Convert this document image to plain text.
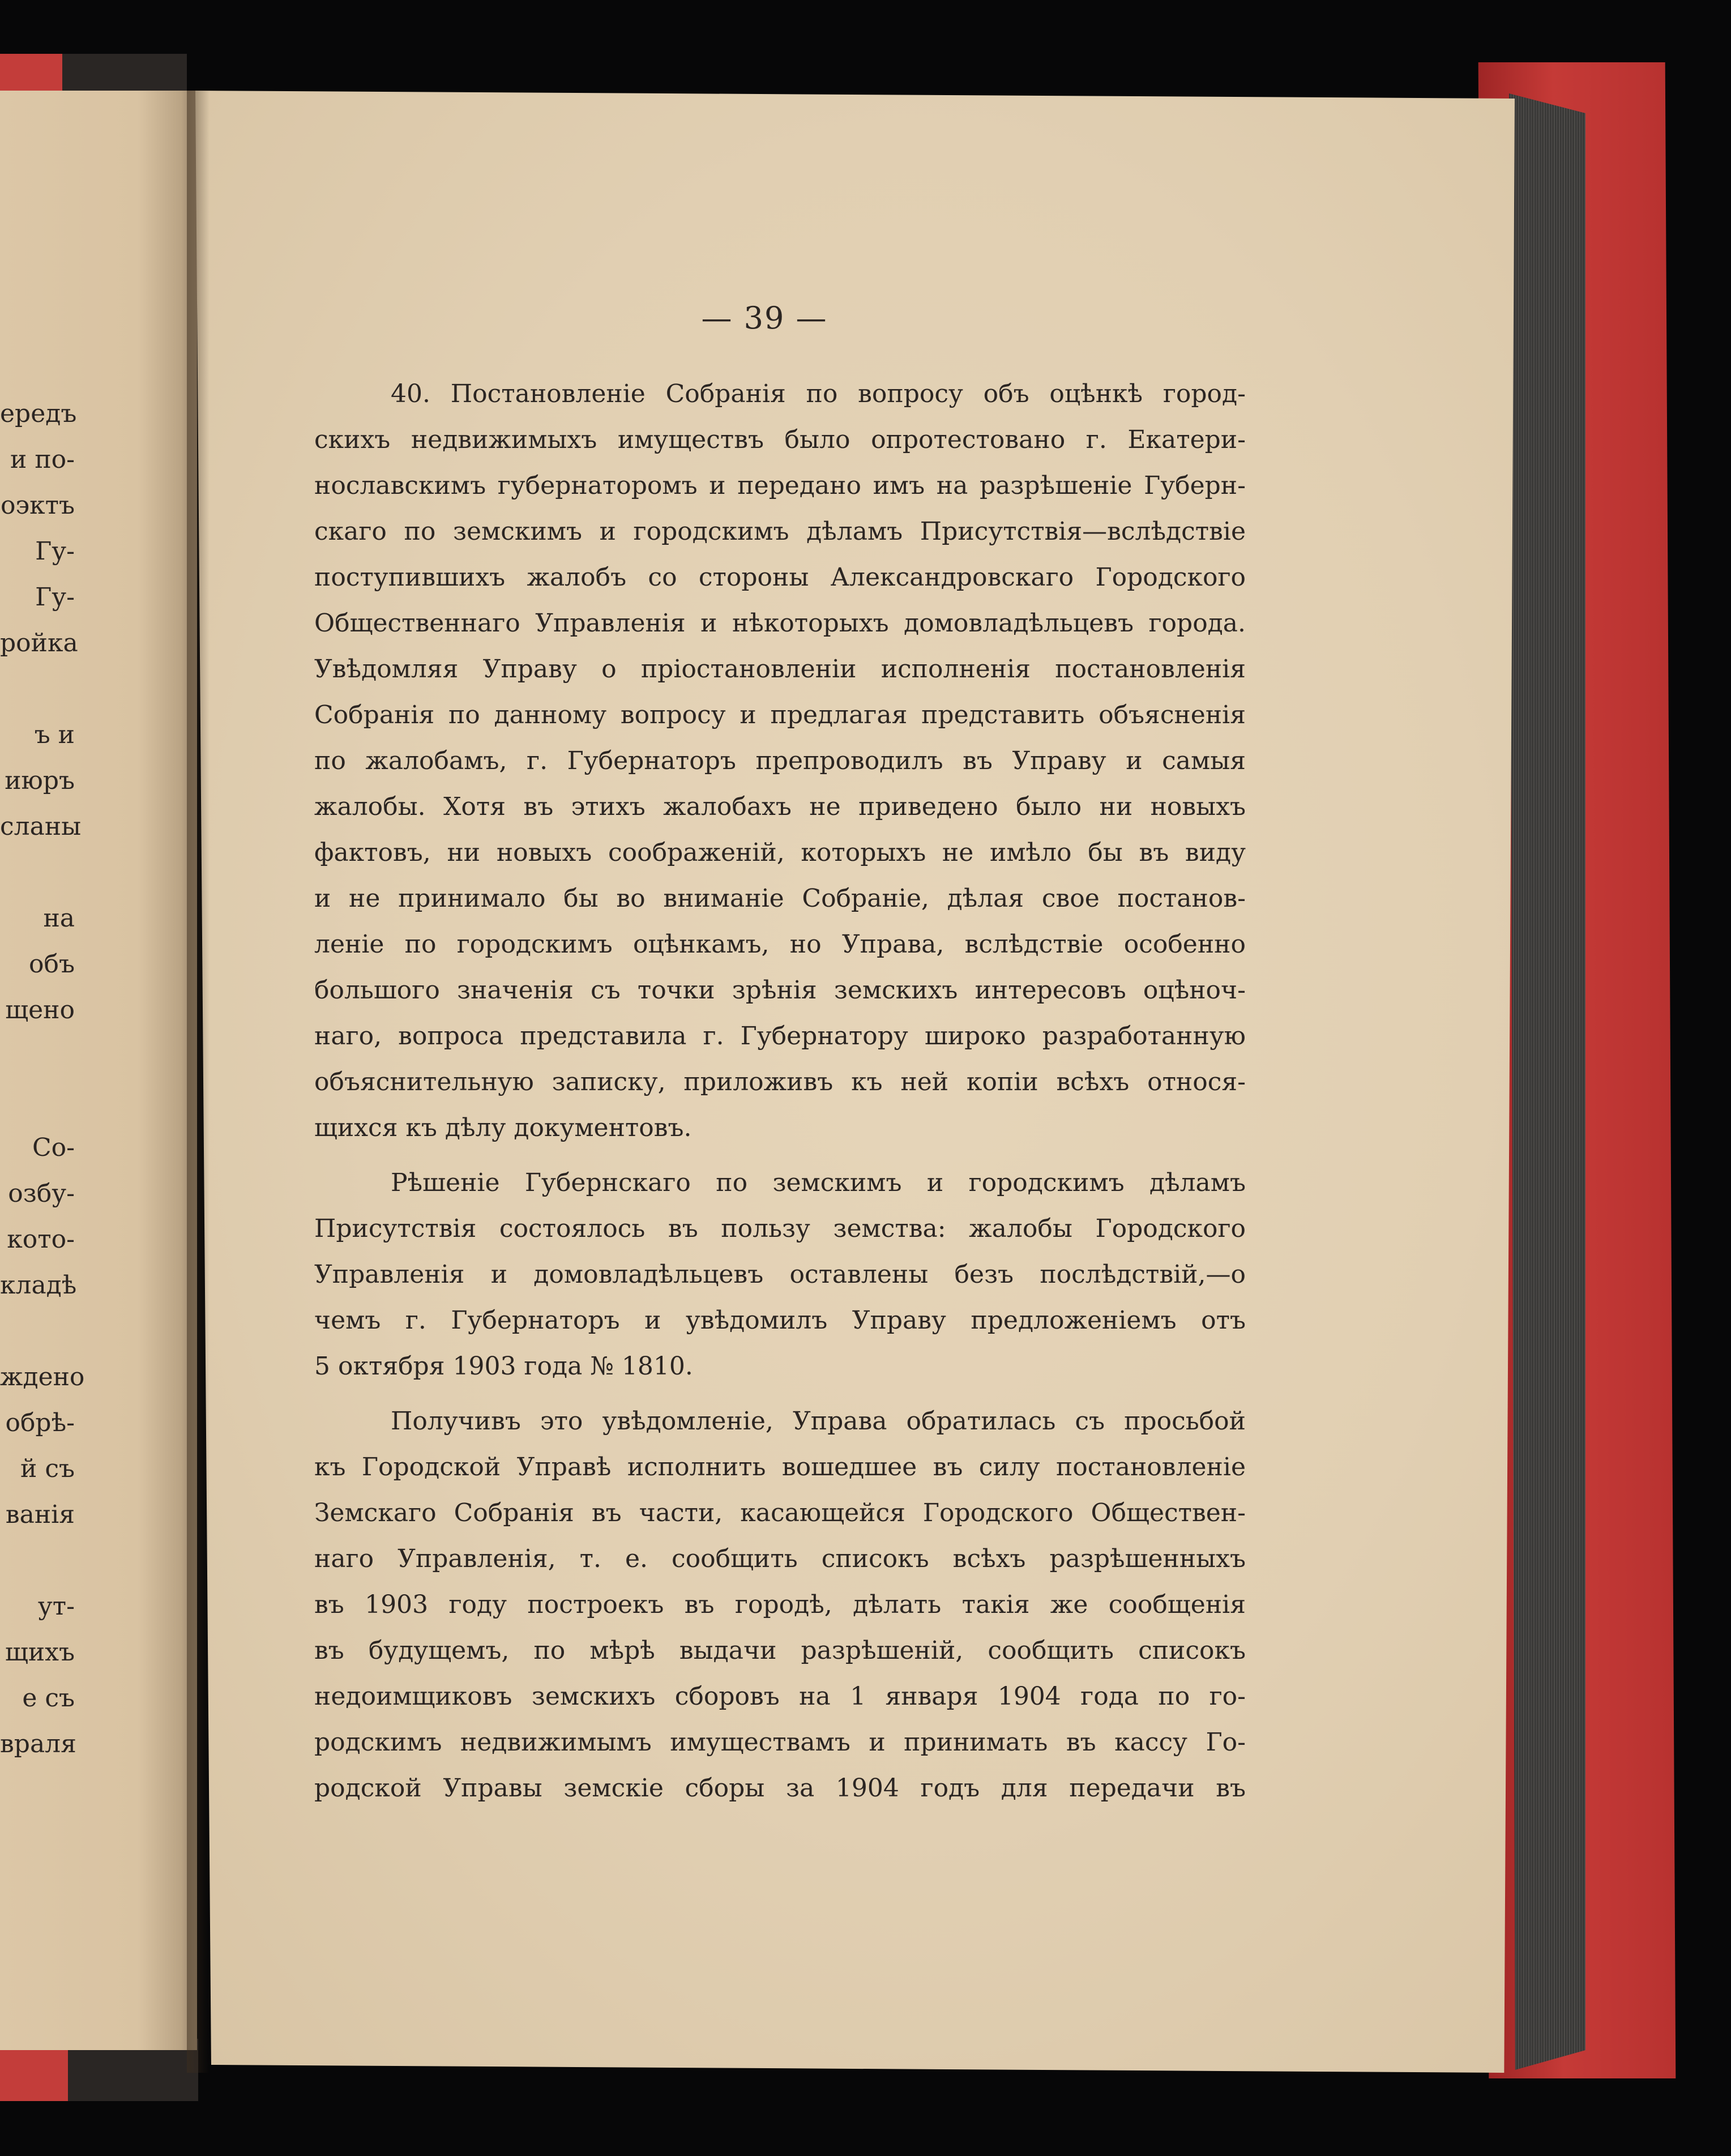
ередъ
и по-
оэктъ
Гу-
Гу-
ройка
ъ и
июръ
сланы
на
объ
щено
Со-
озбу-
кото-
кладѣ
ждено
обрѣ-
й съ
ванія
ут-
щихъ
е съ
враля
— 39 —
40. Постановленіе Собранія по вопросу объ оцѣнкѣ город-
скихъ недвижимыхъ имуществъ было опротестовано г. Екатери-
нославскимъ губернаторомъ и передано имъ на разрѣшеніе Губерн-
скаго по земскимъ и городскимъ дѣламъ Присутствія—вслѣдствіе
поступившихъ жалобъ со стороны Александровскаго Городского
Общественнаго Управленія и нѣкоторыхъ домовладѣльцевъ города.
Увѣдомляя Управу о пріостановленіи исполненія постановленія
Собранія по данному вопросу и предлагая представить объясненія
по жалобамъ, г. Губернаторъ препроводилъ въ Управу и самыя
жалобы. Хотя въ этихъ жалобахъ не приведено было ни новыхъ
фактовъ, ни новыхъ соображеній, которыхъ не имѣло бы въ виду
и не принимало бы во вниманіе Собраніе, дѣлая свое постанов-
леніе по городскимъ оцѣнкамъ, но Управа, вслѣдствіе особенно
большого значенія съ точки зрѣнія земскихъ интересовъ оцѣноч-
наго, вопроса представила г. Губернатору широко разработанную
объяснительную записку, приложивъ къ ней копіи всѣхъ относя-
щихся къ дѣлу документовъ.
Рѣшеніе Губернскаго по земскимъ и городскимъ дѣламъ
Присутствія состоялось въ пользу земства: жалобы Городского
Управленія и домовладѣльцевъ оставлены безъ послѣдствій,—о
чемъ г. Губернаторъ и увѣдомилъ Управу предложеніемъ отъ
5 октября 1903 года № 1810.
Получивъ это увѣдомленіе, Управа обратилась съ просьбой
къ Городской Управѣ исполнить вошедшее въ силу постановленіе
Земскаго Собранія въ части, касающейся Городского Обществен-
наго Управленія, т. е. сообщить списокъ всѣхъ разрѣшенныхъ
въ 1903 году построекъ въ городѣ, дѣлать такія же сообщенія
въ будущемъ, по мѣрѣ выдачи разрѣшеній, сообщить списокъ
недоимщиковъ земскихъ сборовъ на 1 января 1904 года по го-
родскимъ недвижимымъ имуществамъ и принимать въ кассу Го-
родской Управы земскіе сборы за 1904 годъ для передачи въ
